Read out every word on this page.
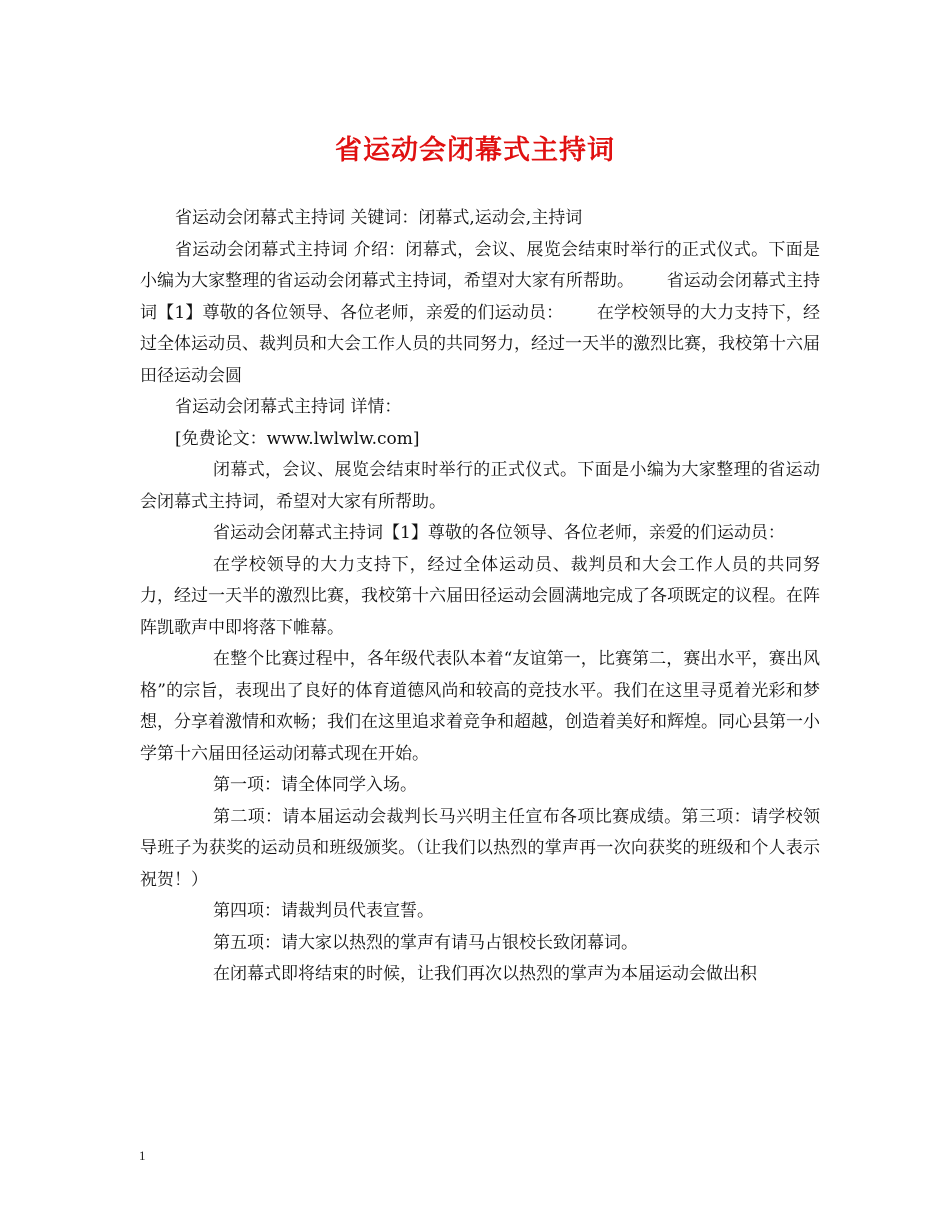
省运动会闭幕式主持词

省运动会闭幕式主持词 关键词：闭幕式,运动会,主持词

省运动会闭幕式主持词 介绍：闭幕式，会议、展览会结束时举行的正式仪式。下面是小编为大家整理的省运动会闭幕式主持词，希望对大家有所帮助。      省运动会闭幕式主持词【1】尊敬的各位领导、各位老师，亲爱的们运动员：      在学校领导的大力支持下，经过全体运动员、裁判员和大会工作人员的共同努力，经过一天半的激烈比赛，我校第十六届田径运动会圆

省运动会闭幕式主持词 详情：

[免费论文：www.lwlwlw.com]

闭幕式，会议、展览会结束时举行的正式仪式。下面是小编为大家整理的省运动会闭幕式主持词，希望对大家有所帮助。

省运动会闭幕式主持词【1】尊敬的各位领导、各位老师，亲爱的们运动员：

在学校领导的大力支持下，经过全体运动员、裁判员和大会工作人员的共同努力，经过一天半的激烈比赛，我校第十六届田径运动会圆满地完成了各项既定的议程。在阵阵凯歌声中即将落下帷幕。

在整个比赛过程中，各年级代表队本着“友谊第一，比赛第二，赛出水平，赛出风格”的宗旨，表现出了良好的体育道德风尚和较高的竞技水平。我们在这里寻觅着光彩和梦想，分享着激情和欢畅；我们在这里追求着竞争和超越，创造着美好和辉煌。同心县第一小学第十六届田径运动闭幕式现在开始。

第一项：请全体同学入场。

第二项：请本届运动会裁判长马兴明主任宣布各项比赛成绩。第三项：请学校领导班子为获奖的运动员和班级颁奖。（让我们以热烈的掌声再一次向获奖的班级和个人表示祝贺！）

第四项：请裁判员代表宣誓。

第五项：请大家以热烈的掌声有请马占银校长致闭幕词。

在闭幕式即将结束的时候，让我们再次以热烈的掌声为本届运动会做出积

1
